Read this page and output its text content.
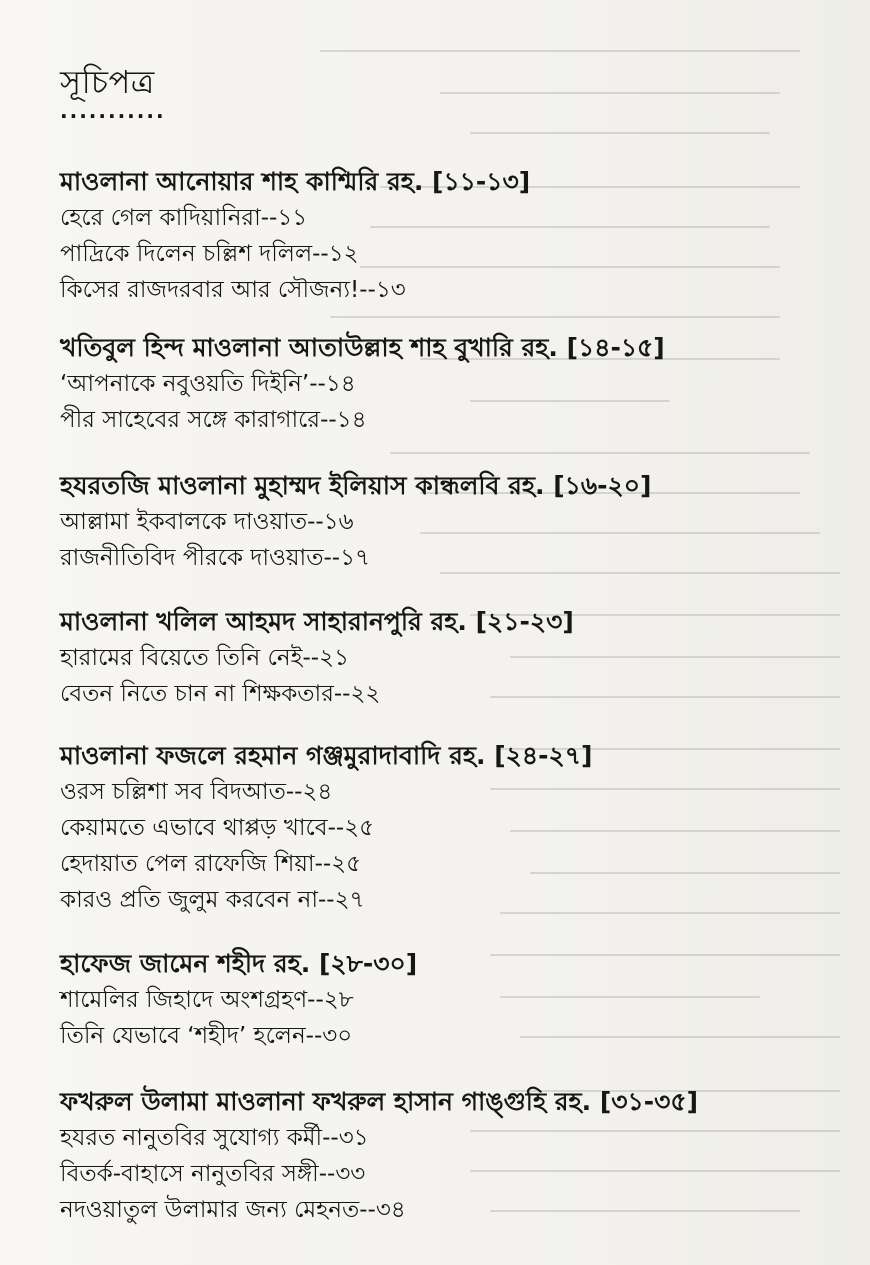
সূচিপত্র
...........
মাওলানা আনোয়ার শাহ কাশ্মিরি রহ. [১১-১৩]
হেরে গেল কাদিয়ানিরা--১১
পাদ্রিকে দিলেন চল্লিশ দলিল--১২
কিসের রাজদরবার আর সৌজন্য!--১৩
খতিবুল হিন্দ মাওলানা আতাউল্লাহ শাহ বুখারি রহ. [১৪-১৫]
‘আপনাকে নবুওয়তি দিইনি’--১৪
পীর সাহেবের সঙ্গে কারাগারে--১৪
হযরতজি মাওলানা মুহাম্মদ ইলিয়াস কান্ধলবি রহ. [১৬-২০]
আল্লামা ইকবালকে দাওয়াত--১৬
রাজনীতিবিদ পীরকে দাওয়াত--১৭
মাওলানা খলিল আহমদ সাহারানপুরি রহ. [২১-২৩]
হারামের বিয়েতে তিনি নেই--২১
বেতন নিতে চান না শিক্ষকতার--২২
মাওলানা ফজলে রহমান গঞ্জমুরাদাবাদি রহ. [২৪-২৭]
ওরস চল্লিশা সব বিদআত--২৪
কেয়ামতে এভাবে থাপ্পড় খাবে--২৫
হেদায়াত পেল রাফেজি শিয়া--২৫
কারও প্রতি জুলুম করবেন না--২৭
হাফেজ জামেন শহীদ রহ. [২৮-৩০]
শামেলির জিহাদে অংশগ্রহণ--২৮
তিনি যেভাবে ‘শহীদ’ হলেন--৩০
ফখরুল উলামা মাওলানা ফখরুল হাসান গাঙ্গুহি রহ. [৩১-৩৫]
হযরত নানুতবির সুযোগ্য কর্মী--৩১
বিতর্ক-বাহাসে নানুতবির সঙ্গী--৩৩
নদওয়াতুল উলামার জন্য মেহনত--৩৪
